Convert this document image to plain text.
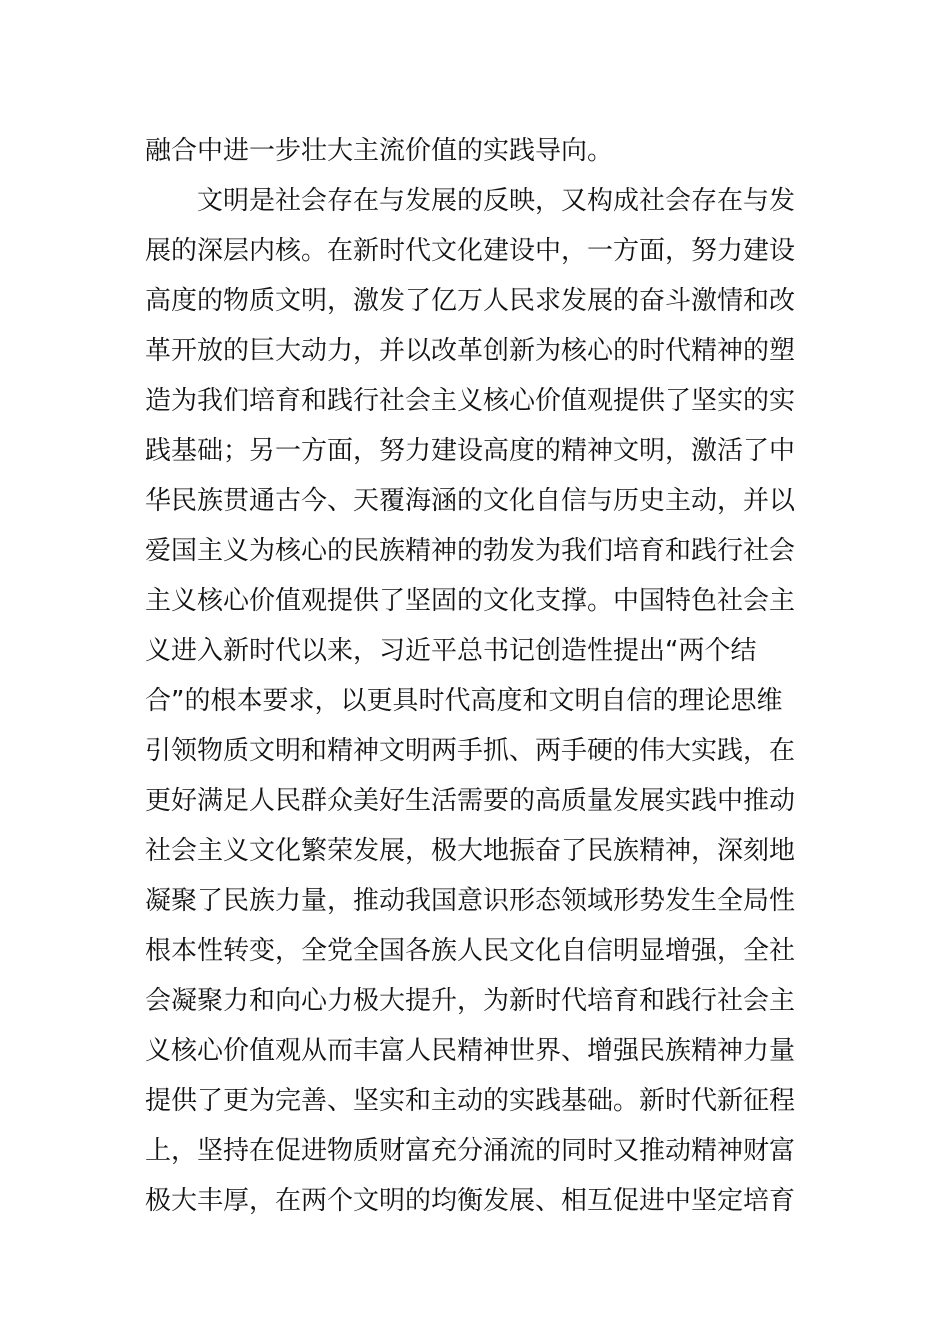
融合中进一步壮大主流价值的实践导向。
文明是社会存在与发展的反映，又构成社会存在与发
展的深层内核。在新时代文化建设中，一方面，努力建设
高度的物质文明，激发了亿万人民求发展的奋斗激情和改
革开放的巨大动力，并以改革创新为核心的时代精神的塑
造为我们培育和践行社会主义核心价值观提供了坚实的实
践基础；另一方面，努力建设高度的精神文明，激活了中
华民族贯通古今、天覆海涵的文化自信与历史主动，并以
爱国主义为核心的民族精神的勃发为我们培育和践行社会
主义核心价值观提供了坚固的文化支撑。中国特色社会主
义进入新时代以来，习近平总书记创造性提出“两个结
合”的根本要求，以更具时代高度和文明自信的理论思维
引领物质文明和精神文明两手抓、两手硬的伟大实践，在
更好满足人民群众美好生活需要的高质量发展实践中推动
社会主义文化繁荣发展，极大地振奋了民族精神，深刻地
凝聚了民族力量，推动我国意识形态领域形势发生全局性
根本性转变，全党全国各族人民文化自信明显增强，全社
会凝聚力和向心力极大提升，为新时代培育和践行社会主
义核心价值观从而丰富人民精神世界、增强民族精神力量
提供了更为完善、坚实和主动的实践基础。新时代新征程
上，坚持在促进物质财富充分涌流的同时又推动精神财富
极大丰厚，在两个文明的均衡发展、相互促进中坚定培育
